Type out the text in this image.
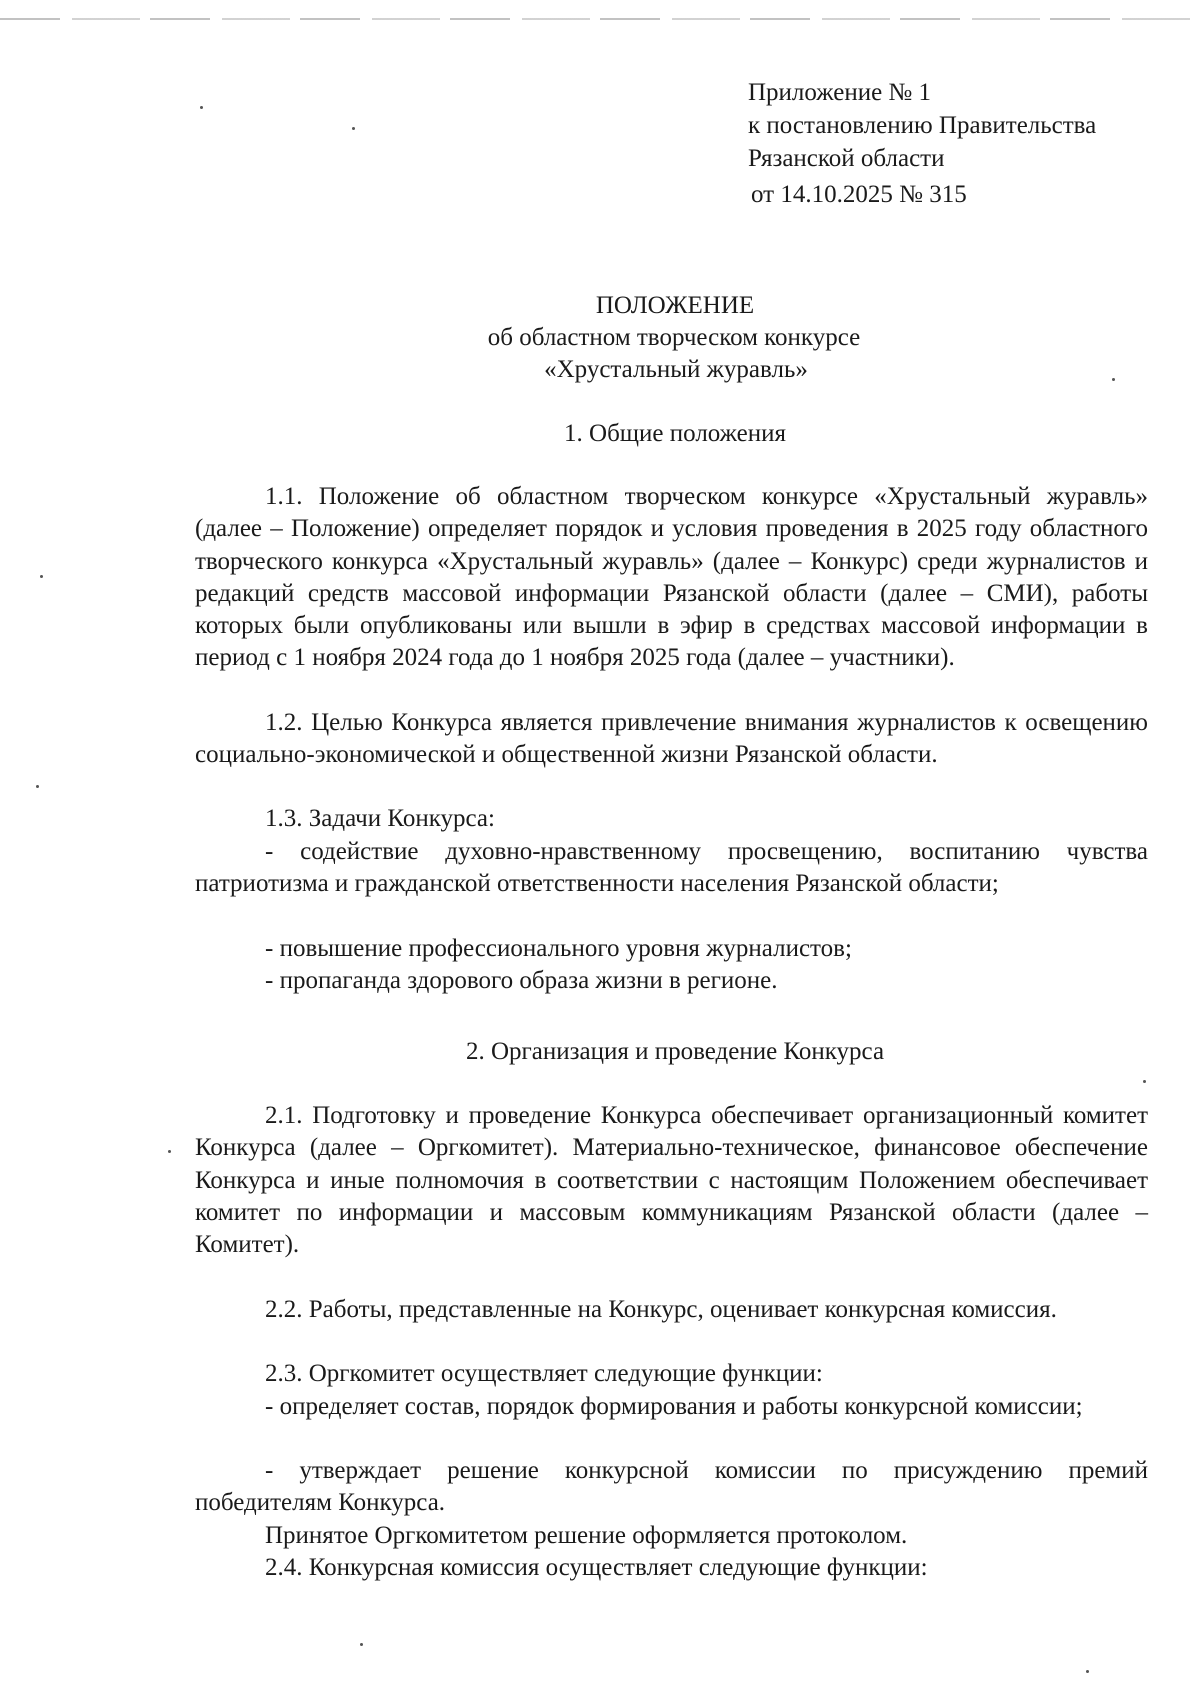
Приложение № 1
к постановлению Правительства
Рязанской области
от 14.10.2025 № 315
ПОЛОЖЕНИЕ
об областном творческом конкурсе
«Хрустальный журавль»
1. Общие положения
1.1. Положение об областном творческом конкурсе «Хрустальный журавль» (далее – Положение) определяет порядок и условия проведения в 2025 году областного творческого конкурса «Хрустальный журавль» (далее – Конкурс) среди журналистов и редакций средств массовой информации Рязанской области (далее – СМИ), работы которых были опубликованы или вышли в эфир в средствах массовой информации в период с 1 ноября 2024 года до 1 ноября 2025 года (далее – участники).
1.2. Целью Конкурса является привлечение внимания журналистов к освещению социально-экономической и общественной жизни Рязанской области.
1.3. Задачи Конкурса:
- содействие духовно-нравственному просвещению, воспитанию чувства патриотизма и гражданской ответственности населения Рязанской области;
- повышение профессионального уровня журналистов;
- пропаганда здорового образа жизни в регионе.
2. Организация и проведение Конкурса
2.1. Подготовку и проведение Конкурса обеспечивает организационный комитет Конкурса (далее – Оргкомитет). Материально-техническое, финансовое обеспечение Конкурса и иные полномочия в соответствии с настоящим Положением обеспечивает комитет по информации и массовым коммуникациям Рязанской области (далее – Комитет).
2.2. Работы, представленные на Конкурс, оценивает конкурсная комиссия.
2.3. Оргкомитет осуществляет следующие функции:
- определяет состав, порядок формирования и работы конкурсной комиссии;
- утверждает решение конкурсной комиссии по присуждению премий победителям Конкурса.
Принятое Оргкомитетом решение оформляется протоколом.
2.4. Конкурсная комиссия осуществляет следующие функции:
